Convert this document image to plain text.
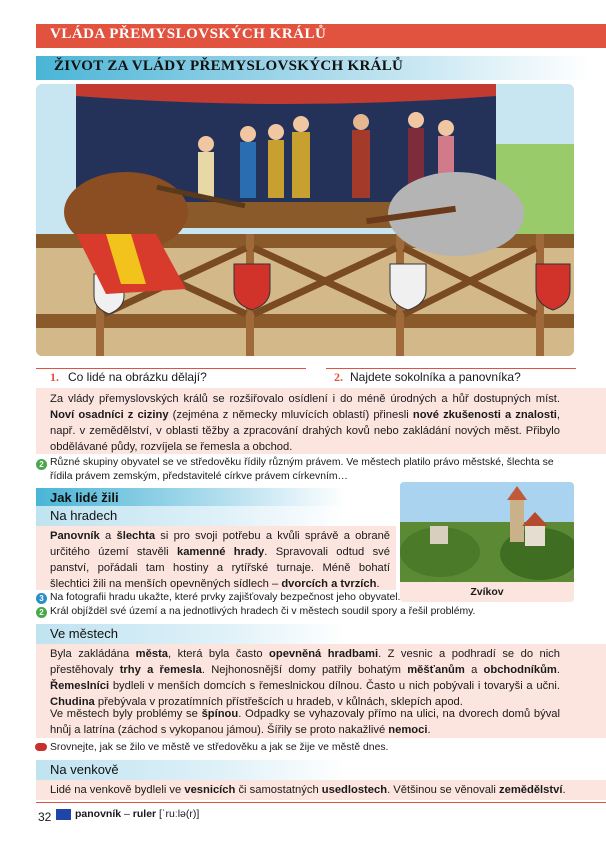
VLÁDA PŘEMYSLOVSKÝCH KRÁLŮ
ŽIVOT ZA VLÁDY PŘEMYSLOVSKÝCH KRÁLŮ
1. Co lidé na obrázku dělají?	2. Najdete sokolníka a panovníka?
Za vlády přemyslovských králů se rozšiřovalo osídlení i do méně úrodných a hůř dostupných míst. Noví osadníci z ciziny (zejména z německy mluvících oblastí) přinesli nové zkušenosti a znalosti, např. v zemědělství, v oblasti těžby a zpracování drahých kovů nebo zakládání nových měst. Přibylo obdělávané půdy, rozvíjela se řemesla a obchod.
2 Různé skupiny obyvatel se ve středověku řídily různým právem. Ve městech platilo právo městské, šlechta se řídila právem zemským, představitelé církve právem církevním…
Jak lidé žili
Na hradech
Panovník a šlechta si pro svoji potřebu a kvůli správě a obraně určitého území stavěli kamenné hrady. Spravovali odtud své panství, pořádali tam hostiny a rytířské turnaje. Méně bohatí šlechtici žili na menších opevněných sídlech – dvorcích a tvrzích.
Zvíkov
3 Na fotografii hradu ukažte, které prvky zajišťovaly bezpečnost jeho obyvatel.
2 Král objíždël své území a na jednotlivých hradech či v městech soudil spory a řešil problémy.
Ve městech
Byla zakládána města, která byla často opevněná hradbami. Z vesnic a podhradí se do nich přestěhovaly trhy a řemesla. Nejhonosnější domy patřily bohatým měšťanům a obchodníkům. Řemeslníci bydleli v menších domcích s řemeslnickou dílnou. Často u nich pobývali i tovaryši a učni. Chudina přebývala v prozatímních přístřešcích u hradeb, v kůlnách, sklepích apod.
Ve městech byly problémy se špínou. Odpadky se vyhazovaly přímo na ulici, na dvorech domů býval hnůj a latrína (záchod s vykopanou jámou). Šířily se proto nakažlivé nemoci.
Srovnejte, jak se žilo ve městě ve středověku a jak se žije ve městě dnes.
Na venkově
Lidé na venkově bydleli ve vesnicích či samostatných usedlostech. Většinou se věnovali zemědělství.
32 panovník – ruler [ˈruːlə(r)]
